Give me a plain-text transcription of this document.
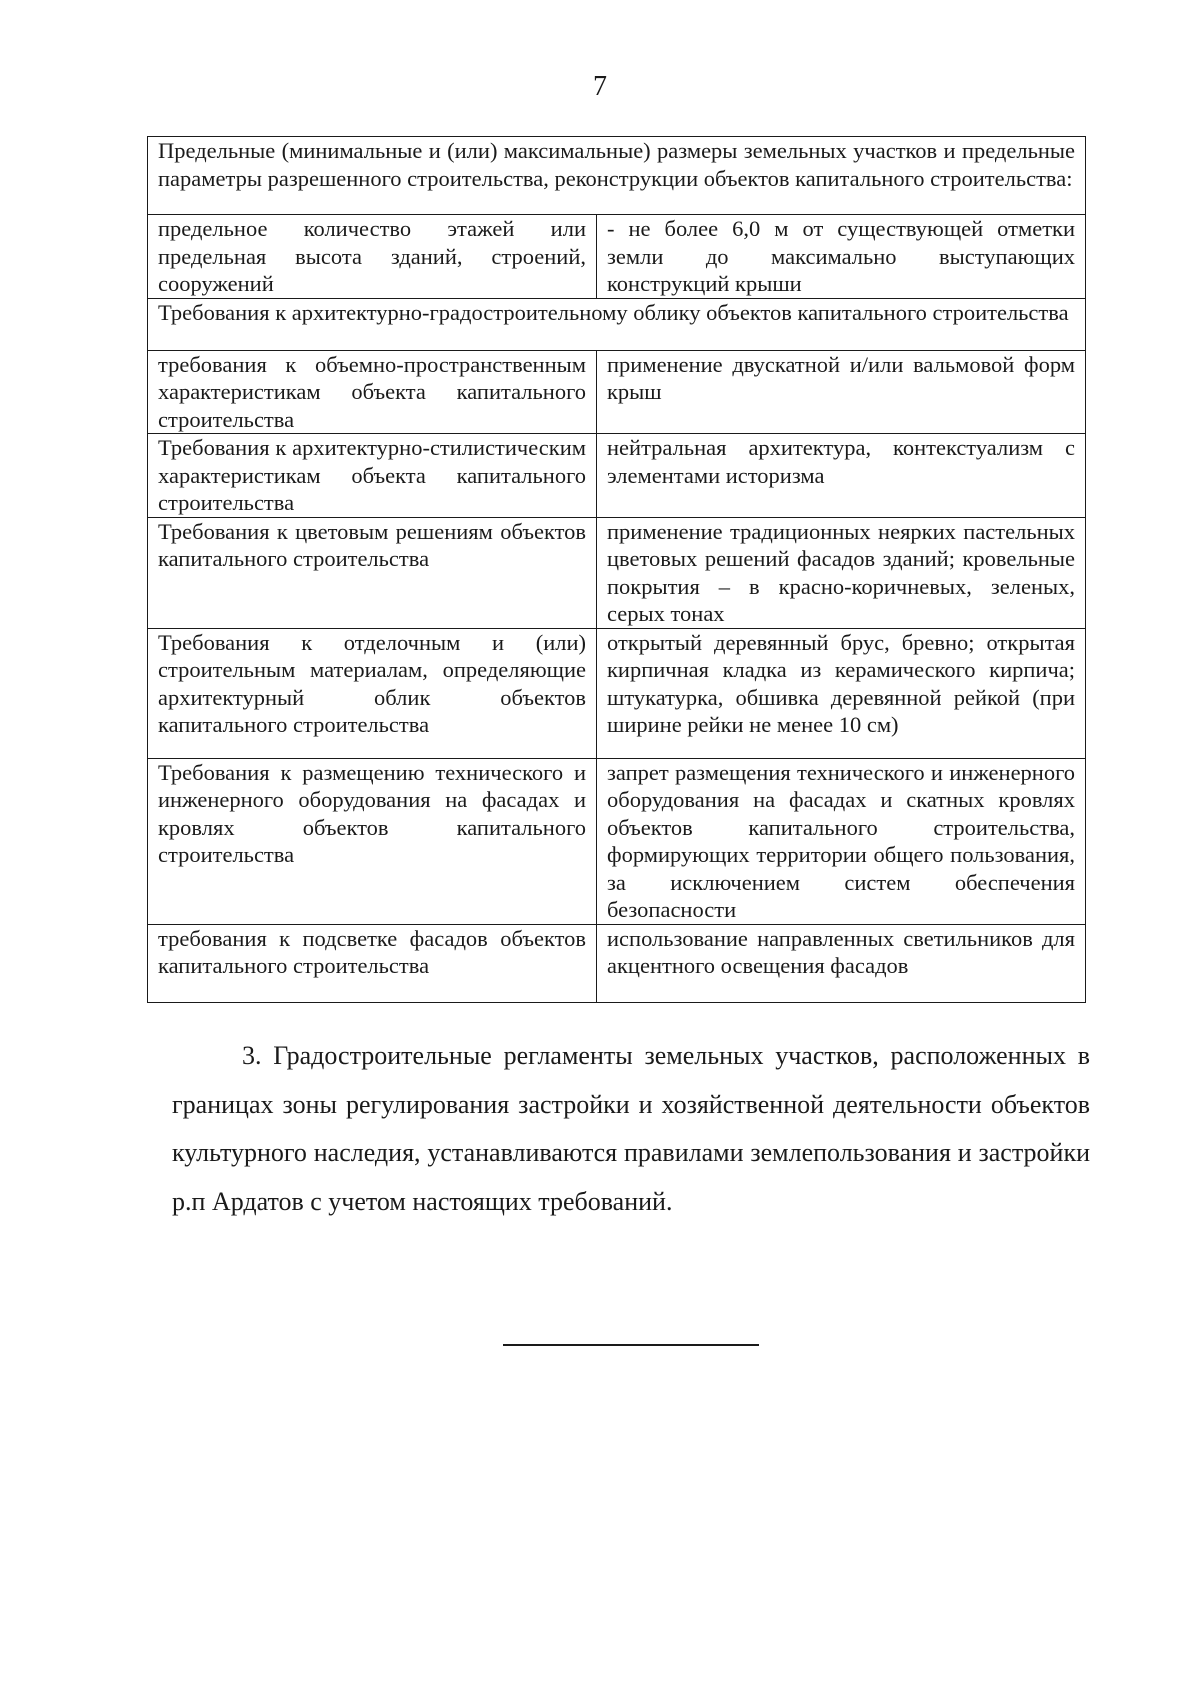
7
Предельные (минимальные и (или) максимальные) размеры земельных участков и предельные параметры разрешенного строительства, реконструкции объектов капитального строительства:	
предельное количество этажей или предельная высота зданий, строений, сооружений	- не более 6,0 м от существующей отметки земли до максимально выступающих конструкций крыши
Требования к архитектурно-градостроительному облику объектов капитального строительства	
требования к объемно-пространственным характеристикам объекта капитального строительства	применение двускатной и/или вальмовой форм крыш
Требования к архитектурно-стилистическим характеристикам объекта капитального строительства	нейтральная архитектура, контекстуализм с элементами историзма
Требования к цветовым решениям объектов капитального строительства	применение традиционных неярких пастельных цветовых решений фасадов зданий; кровельные покрытия – в красно-коричневых, зеленых, серых тонах
Требования к отделочным и (или) строительным материалам, определяющие архитектурный облик объектов капитального строительства	открытый деревянный брус, бревно; открытая кирпичная кладка из керамического кирпича; штукатурка, обшивка деревянной рейкой (при ширине рейки не менее 10 см)
Требования к размещению технического и инженерного оборудования на фасадах и кровлях объектов капитального строительства	запрет размещения технического и инженерного оборудования на фасадах и скатных кровлях объектов капитального строительства, формирующих территории общего пользования, за исключением систем обеспечения безопасности
требования к подсветке фасадов объектов капитального строительства	использование направленных светильников для акцентного освещения фасадов
3. Градостроительные регламенты земельных участков, расположенных в границах зоны регулирования застройки и хозяйственной деятельности объектов культурного наследия, устанавливаются правилами землепользования и застройки р.п Ардатов с учетом настоящих требований.
